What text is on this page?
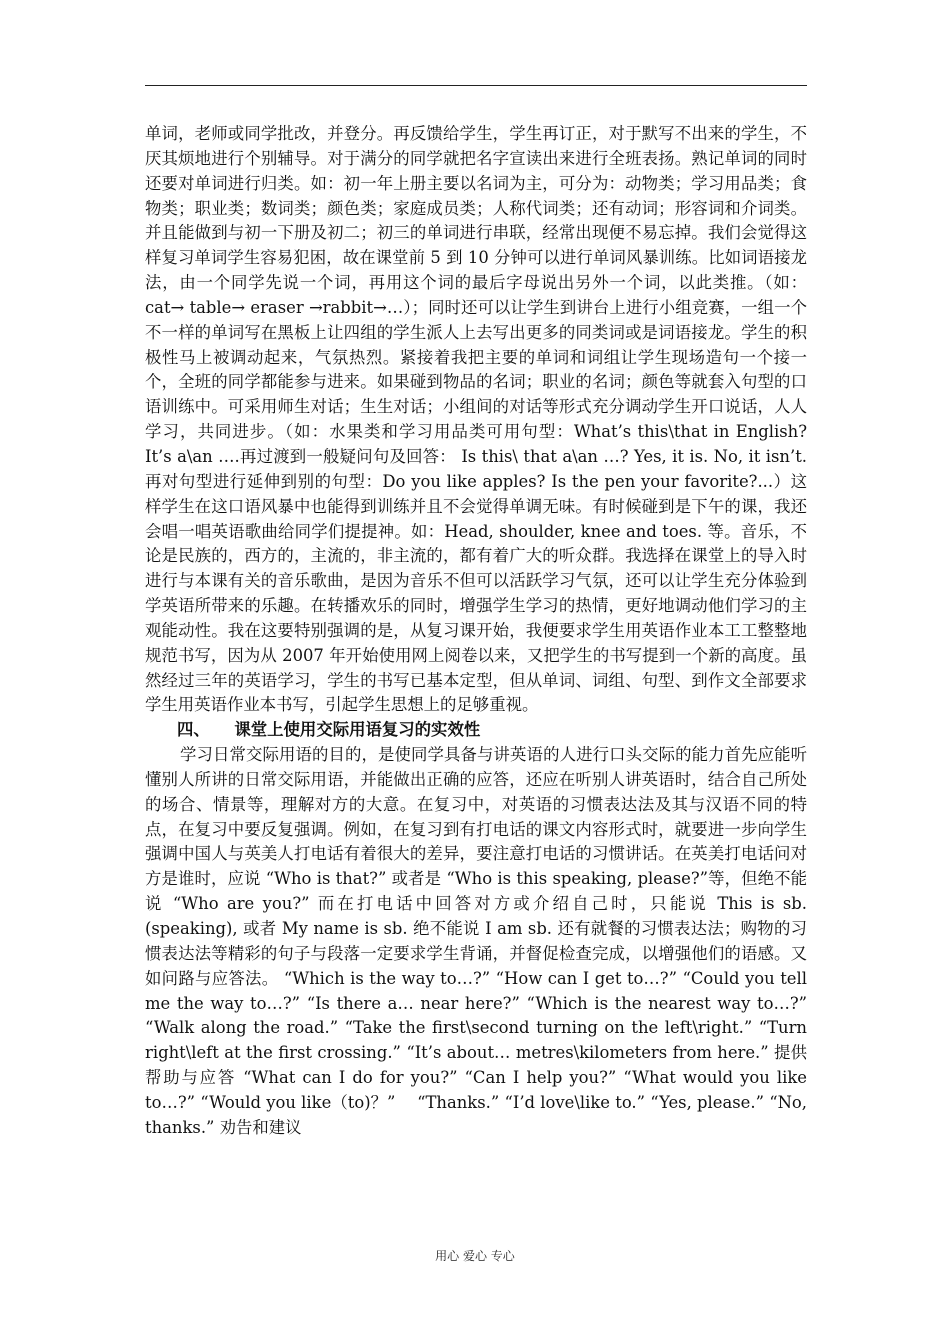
单词，老师或同学批改，并登分。再反馈给学生，学生再订正，对于默写不出来的学生，不厌其烦地进行个别辅导。对于满分的同学就把名字宣读出来进行全班表扬。熟记单词的同时还要对单词进行归类。如：初一年上册主要以名词为主，可分为：动物类；学习用品类；食物类；职业类；数词类；颜色类；家庭成员类；人称代词类；还有动词；形容词和介词类。并且能做到与初一下册及初二；初三的单词进行串联，经常出现便不易忘掉。我们会觉得这样复习单词学生容易犯困，故在课堂前 5 到 10 分钟可以进行单词风暴训练。比如词语接龙法，由一个同学先说一个词，再用这个词的最后字母说出另外一个词，以此类推。（如：cat→ table→ eraser →rabbit→…）；同时还可以让学生到讲台上进行小组竞赛，一组一个不一样的单词写在黑板上让四组的学生派人上去写出更多的同类词或是词语接龙。学生的积极性马上被调动起来，气氛热烈。紧接着我把主要的单词和词组让学生现场造句一个接一个，全班的同学都能参与进来。如果碰到物品的名词；职业的名词；颜色等就套入句型的口语训练中。可采用师生对话；生生对话；小组间的对话等形式充分调动学生开口说话，人人学习，共同进步。（如：水果类和学习用品类可用句型：What’s this\that in English? It’s a\an ….再过渡到一般疑问句及回答： Is this\ that a\an …? Yes, it is. No, it isn’t. 再对句型进行延伸到别的句型：Do you like apples? Is the pen your favorite?...）这样学生在这口语风暴中也能得到训练并且不会觉得单调无味。有时候碰到是下午的课，我还会唱一唱英语歌曲给同学们提提神。如：Head, shoulder, knee and toes. 等。音乐，不论是民族的，西方的，主流的，非主流的，都有着广大的听众群。我选择在课堂上的导入时进行与本课有关的音乐歌曲，是因为音乐不但可以活跃学习气氛，还可以让学生充分体验到学英语所带来的乐趣。在转播欢乐的同时，增强学生学习的热情，更好地调动他们学习的主观能动性。我在这要特别强调的是，从复习课开始，我便要求学生用英语作业本工工整整地规范书写，因为从 2007 年开始使用网上阅卷以来，又把学生的书写提到一个新的高度。虽然经过三年的英语学习，学生的书写已基本定型，但从单词、词组、句型、到作文全部要求学生用英语作业本书写，引起学生思想上的足够重视。

四、　　课堂上使用交际用语复习的实效性

学习日常交际用语的目的，是使同学具备与讲英语的人进行口头交际的能力首先应能听懂别人所讲的日常交际用语，并能做出正确的应答，还应在听别人讲英语时，结合自己所处的场合、情景等，理解对方的大意。在复习中，对英语的习惯表达法及其与汉语不同的特点，在复习中要反复强调。例如，在复习到有打电话的课文内容形式时，就要进一步向学生强调中国人与英美人打电话有着很大的差异，要注意打电话的习惯讲话。在英美打电话问对方是谁时，应说 “Who is that?” 或者是 “Who is this speaking, please?”等，但绝不能说 “Who are you?” 而在打电话中回答对方或介绍自己时，只能说 This is sb. (speaking), 或者 My name is sb. 绝不能说 I am sb. 还有就餐的习惯表达法；购物的习惯表达法等精彩的句子与段落一定要求学生背诵，并督促检查完成，以增强他们的语感。又如问路与应答法。 “Which is the way to…?” “How can I get to…?” “Could you tell me the way to…?” “Is there a… near here?” “Which is the nearest way to…?” “Walk along the road.” “Take the first\second turning on the left\right.” “Turn right\left at the first crossing.” “It’s about… metres\kilometers from here.” 提供帮助与应答 “What can I do for you?” “Can I help you?” “What would you like to…?” “Would you like（to)？” 　“Thanks.” “I’d love\like to.” “Yes, please.” “No, thanks.” 劝告和建议

用心 爱心 专心
